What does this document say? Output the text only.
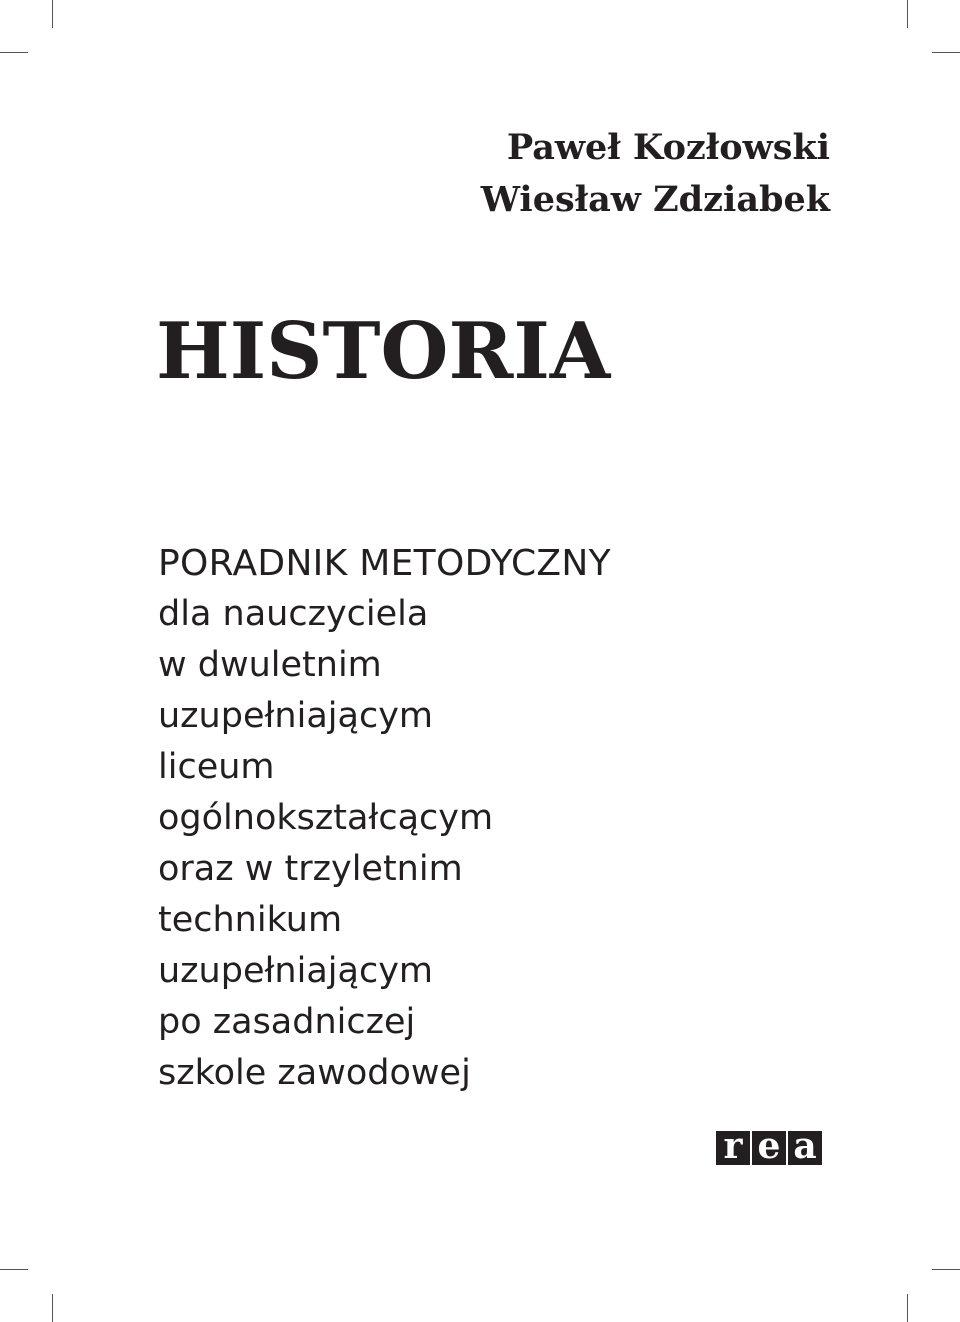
Paweł Kozłowski
Wiesław Zdziabek
HISTORIA
PORADNIK METODYCZNY
dla nauczyciela
w dwuletnim
uzupełniającym
liceum
ogólnokształcącym
oraz w trzyletnim
technikum
uzupełniającym
po zasadniczej
szkole zawodowej
r e a
